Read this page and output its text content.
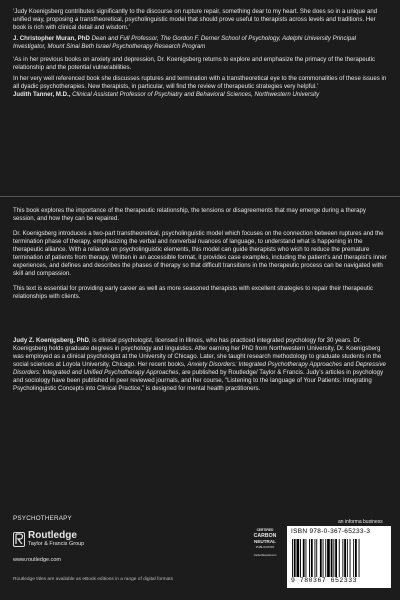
‘Judy Koenigsberg contributes significantly to the discourse on rupture repair, something dear to my heart. She does so in a unique and unified way, proposing a transtheoretical, psycholinguistic model that should prove useful to therapists across levels and traditions. Her book is rich with clinical detail and wisdom.’

J. Christopher Muran, PhD Dean and Full Professor, The Gordon F. Derner School of Psychology, Adelphi University Principal Investigator, Mount Sinai Beth Israel Psychotherapy Research Program

‘As in her previous books on anxiety and depression, Dr. Koenigsberg returns to explore and emphasize the primacy of the therapeutic relationship and the potential vulnerabilities.

In her very well referenced book she discusses ruptures and termination with a transtheoretical eye to the commonalities of these issues in all dyadic psychotherapies. New therapists, in particular, will find the review of therapeutic strategies very helpful.’

Judith Tanner, M.D., Clinical Assistant Professor of Psychiatry and Behavioral Sciences, Northwestern University

This book explores the importance of the therapeutic relationship, the tensions or disagreements that may emerge during a therapy session, and how they can be repaired.

Dr. Koenigsberg introduces a two-part transtheoretical, psycholinguistic model which focuses on the connection between ruptures and the termination phase of therapy, emphasizing the verbal and nonverbal nuances of language, to understand what is happening in the therapeutic alliance. With a reliance on psycholinguistic elements, this model can guide therapists who wish to reduce the premature termination of patients from therapy. Written in an accessible format, it provides case examples, including the patient’s and therapist’s inner experiences, and defines and describes the phases of therapy so that difficult transitions in the therapeutic process can be navigated with skill and compassion.

This text is essential for providing early career as well as more seasoned therapists with excellent strategies to repair their therapeutic relationships with clients.

Judy Z. Koenigsberg, PhD, is clinical psychologist, licensed in Illinois, who has practiced integrated psychology for 30 years. Dr. Koenigsberg holds graduate degrees in psychology and linguistics. After earning her PhD from Northwestern University, Dr. Koenigsberg was employed as a clinical psychologist at the University of Chicago. Later, she taught research methodology to graduate students in the social sciences at Loyola University, Chicago. Her recent books, Anxiety Disorders: Integrated Psychotherapy Approaches and Depressive Disorders: Integrated and Unified Psychotherapy Approaches, are published by Routledge/ Taylor & Francis. Judy’s articles in psychology and sociology have been published in peer reviewed journals, and her course, “Listening to the language of Your Patients: Integrating Psycholinguistic Concepts into Clinical Practice,” is designed for mental health practitioners.
PSYCHOTHERAPY
Routledge
Taylor & Francis Group
www.routledge.com
Routledge titles are available as eBook editions in a range of digital formats
CERTIFIED
CARBON
NEUTRAL
PUBLICATION
CarbonNeutral.com
an informa business
ISBN 978-0-367-65233-3
9 780367 652333
